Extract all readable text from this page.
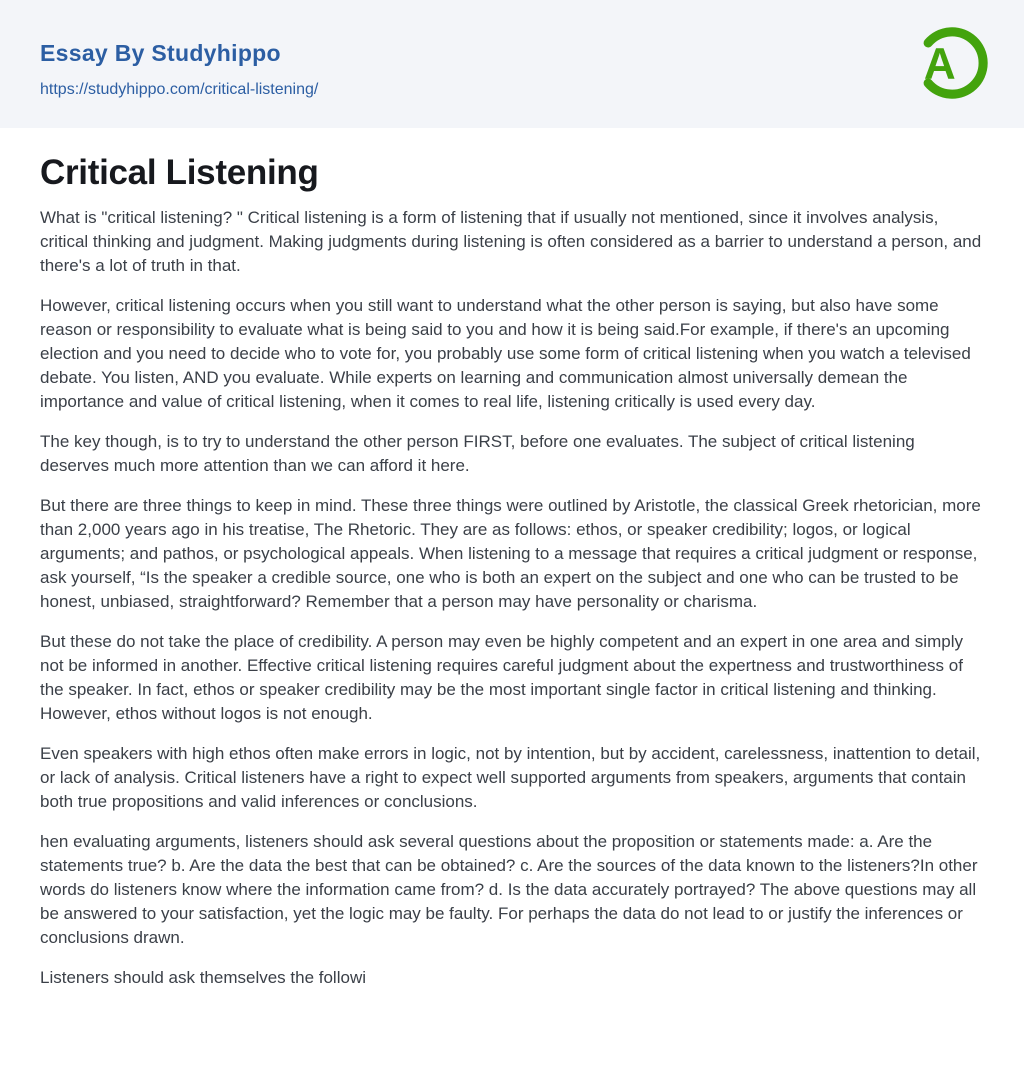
Essay By Studyhippo
https://studyhippo.com/critical-listening/
A
Critical Listening

What is "critical listening? " Critical listening is a form of listening that if usually not mentioned, since it involves analysis, critical thinking and judgment. Making judgments during listening is often considered as a barrier to understand a person, and there's a lot of truth in that.

However, critical listening occurs when you still want to understand what the other person is saying, but also have some reason or responsibility to evaluate what is being said to you and how it is being said.For example, if there's an upcoming election and you need to decide who to vote for, you probably use some form of critical listening when you watch a televised debate. You listen, AND you evaluate. While experts on learning and communication almost universally demean the importance and value of critical listening, when it comes to real life, listening critically is used every day.

The key though, is to try to understand the other person FIRST, before one evaluates. The subject of critical listening deserves much more attention than we can afford it here.

But there are three things to keep in mind. These three things were outlined by Aristotle, the classical Greek rhetorician, more than 2,000 years ago in his treatise, The Rhetoric. They are as follows: ethos, or speaker credibility; logos, or logical arguments; and pathos, or psychological appeals. When listening to a message that requires a critical judgment or response, ask yourself, “Is the speaker a credible source, one who is both an expert on the subject and one who can be trusted to be honest, unbiased, straightforward? Remember that a person may have personality or charisma.

But these do not take the place of credibility. A person may even be highly competent and an expert in one area and simply not be informed in another. Effective critical listening requires careful judgment about the expertness and trustworthiness of the speaker. In fact, ethos or speaker credibility may be the most important single factor in critical listening and thinking. However, ethos without logos is not enough.

Even speakers with high ethos often make errors in logic, not by intention, but by accident, carelessness, inattention to detail, or lack of analysis. Critical listeners have a right to expect well supported arguments from speakers, arguments that contain both true propositions and valid inferences or conclusions.

hen evaluating arguments, listeners should ask several questions about the proposition or statements made: a. Are the statements true? b. Are the data the best that can be obtained? c. Are the sources of the data known to the listeners?In other words do listeners know where the information came from? d. Is the data accurately portrayed? The above questions may all be answered to your satisfaction, yet the logic may be faulty. For perhaps the data do not lead to or justify the inferences or conclusions drawn.

Listeners should ask themselves the followi
